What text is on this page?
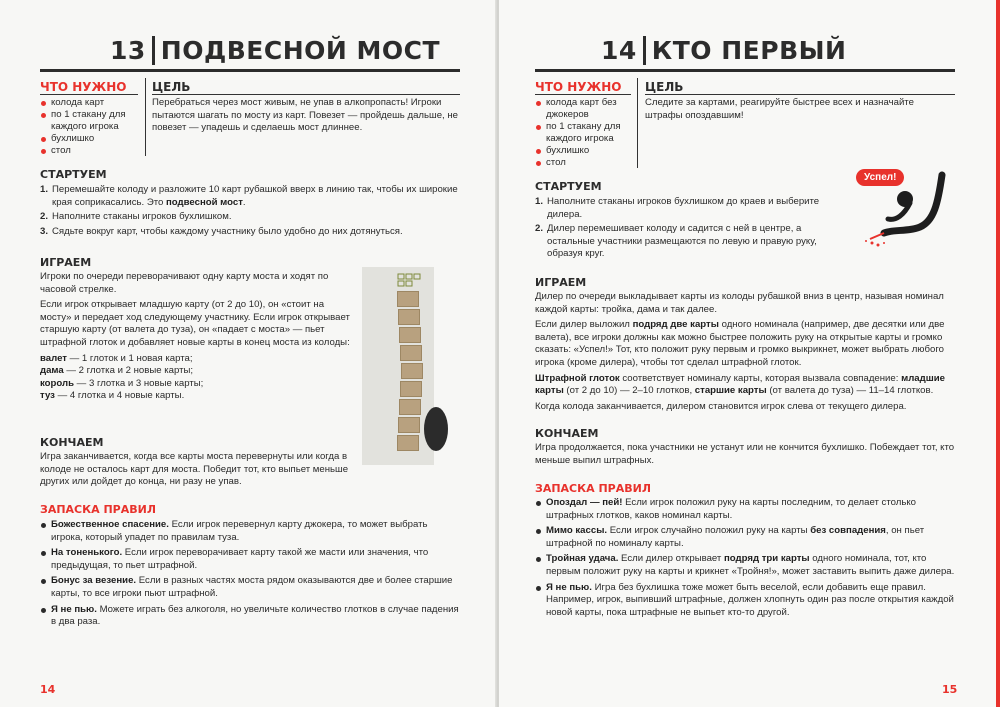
13 ПОДВЕСНОЙ МОСТ
ЧТО НУЖНО ЦЕЛЬ
колода карт
по 1 стакану для каждого игрока
бухлишко
стол
Перебраться через мост живым, не упав в алкопропасть! Игроки пытаются шагать по мосту из карт. Повезет — пройдешь дальше, не повезет — упадешь и сделаешь мост длиннее.
СТАРТУЕМ
1. Перемешайте колоду и разложите 10 карт рубашкой вверх в линию так, чтобы их широкие края соприкасались. Это подвесной мост.
2. Наполните стаканы игроков бухлишком.
3. Сядьте вокруг карт, чтобы каждому участнику было удобно до них дотянуться.
ИГРАЕМ

Игроки по очереди переворачивают одну карту моста и ходят по часовой стрелке.

Если игрок открывает младшую карту (от 2 до 10), он «стоит на мосту» и передает ход следующему участнику. Если игрок открывает старшую карту (от валета до туза), он «падает с моста» — пьет штрафной глоток и добавляет новые карты в конец моста из колоды:

валет — 1 глоток и 1 новая карта;

дама — 2 глотка и 2 новые карты;

король — 3 глотка и 3 новые карты;

туз — 4 глотка и 4 новые карты.

КОНЧАЕМ
Игра заканчивается, когда все карты моста перевернуты или когда в колоде не осталось карт для моста. Победит тот, кто выпьет меньше других или дойдет до конца, ни разу не упав.
ЗАПАСКА ПРАВИЛ
Божественное спасение. Если игрок перевернул карту джокера, то может выбрать игрока, который упадет по правилам туза.
На тоненького. Если игрок переворачивает карту такой же масти или значения, что предыдущая, то пьет штрафной.
Бонус за везение. Если в разных частях моста рядом оказываются две и более старшие карты, то все игроки пьют штрафной.
Я не пью. Можете играть без алкоголя, но увеличьте количество глотков в случае падения в два раза.
14
14 КТО ПЕРВЫЙ
ЧТО НУЖНО ЦЕЛЬ
колода карт без джокеров
по 1 стакану для каждого игрока
бухлишко
стол
Следите за картами, реагируйте быстрее всех и назначайте штрафы опоздавшим!
Успел!
СТАРТУЕМ
1. Наполните стаканы игроков бухлишком до краев и выберите дилера.
2. Дилер перемешивает колоду и садится с ней в центре, а остальные участники размещаются по левую и правую руку, образуя круг.
ИГРАЕМ

Дилер по очереди выкладывает карты из колоды рубашкой вниз в центр, называя номинал каждой карты: тройка, дама и так далее.

Если дилер выложил подряд две карты одного номинала (например, две десятки или две валета), все игроки должны как можно быстрее положить руку на открытые карты и громко сказать: «Успел!» Тот, кто положит руку первым и громко выкрикнет, может выбрать любого игрока (кроме дилера), чтобы тот сделал штрафной глоток.

Штрафной глоток соответствует номиналу карты, которая вызвала совпадение: младшие карты (от 2 до 10) — 2–10 глотков, старшие карты (от валета до туза) — 11–14 глотков.

Когда колода заканчивается, дилером становится игрок слева от текущего дилера.

КОНЧАЕМ
Игра продолжается, пока участники не устанут или не кончится бухлишко. Побеждает тот, кто меньше выпил штрафных.
ЗАПАСКА ПРАВИЛ
Опоздал — пей! Если игрок положил руку на карты последним, то делает столько штрафных глотков, каков номинал карты.
Мимо кассы. Если игрок случайно положил руку на карты без совпадения, он пьет штрафной по номиналу карты.
Тройная удача. Если дилер открывает подряд три карты одного номинала, тот, кто первым положит руку на карты и крикнет «Тройня!», может заставить выпить даже дилера.
Я не пью. Игра без бухлишка тоже может быть веселой, если добавить еще правил. Например, игрок, выпивший штрафные, должен хлопнуть один раз после открытия каждой новой карты, пока штрафные не выпьет кто-то другой.
15
